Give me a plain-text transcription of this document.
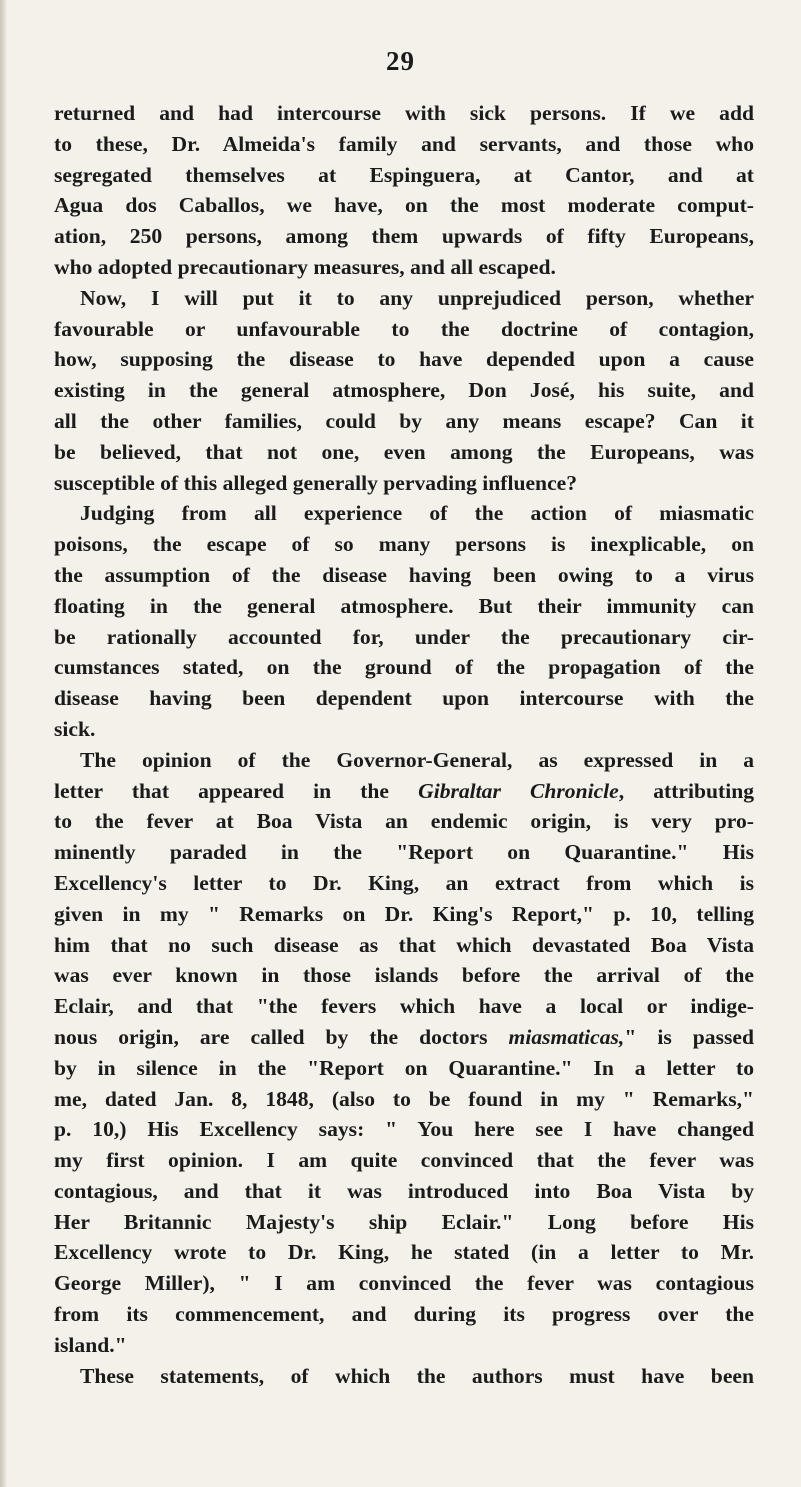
29
returned and had intercourse with sick persons. If we add
to these, Dr. Almeida's family and servants, and those who
segregated themselves at Espinguera, at Cantor, and at
Agua dos Caballos, we have, on the most moderate comput-
ation, 250 persons, among them upwards of fifty Europeans,
who adopted precautionary measures, and all escaped.
Now, I will put it to any unprejudiced person, whether
favourable or unfavourable to the doctrine of contagion,
how, supposing the disease to have depended upon a cause
existing in the general atmosphere, Don José, his suite, and
all the other families, could by any means escape? Can it
be believed, that not one, even among the Europeans, was
susceptible of this alleged generally pervading influence?
Judging from all experience of the action of miasmatic
poisons, the escape of so many persons is inexplicable, on
the assumption of the disease having been owing to a virus
floating in the general atmosphere. But their immunity can
be rationally accounted for, under the precautionary cir-
cumstances stated, on the ground of the propagation of the
disease having been dependent upon intercourse with the
sick.
The opinion of the Governor-General, as expressed in a
letter that appeared in the Gibraltar Chronicle, attributing
to the fever at Boa Vista an endemic origin, is very pro-
minently paraded in the "Report on Quarantine." His
Excellency's letter to Dr. King, an extract from which is
given in my " Remarks on Dr. King's Report," p. 10, telling
him that no such disease as that which devastated Boa Vista
was ever known in those islands before the arrival of the
Eclair, and that "the fevers which have a local or indige-
nous origin, are called by the doctors miasmaticas," is passed
by in silence in the "Report on Quarantine." In a letter to
me, dated Jan. 8, 1848, (also to be found in my " Remarks,"
p. 10,) His Excellency says: " You here see I have changed
my first opinion. I am quite convinced that the fever was
contagious, and that it was introduced into Boa Vista by
Her Britannic Majesty's ship Eclair." Long before His
Excellency wrote to Dr. King, he stated (in a letter to Mr.
George Miller), " I am convinced the fever was contagious
from its commencement, and during its progress over the
island."
These statements, of which the authors must have been
